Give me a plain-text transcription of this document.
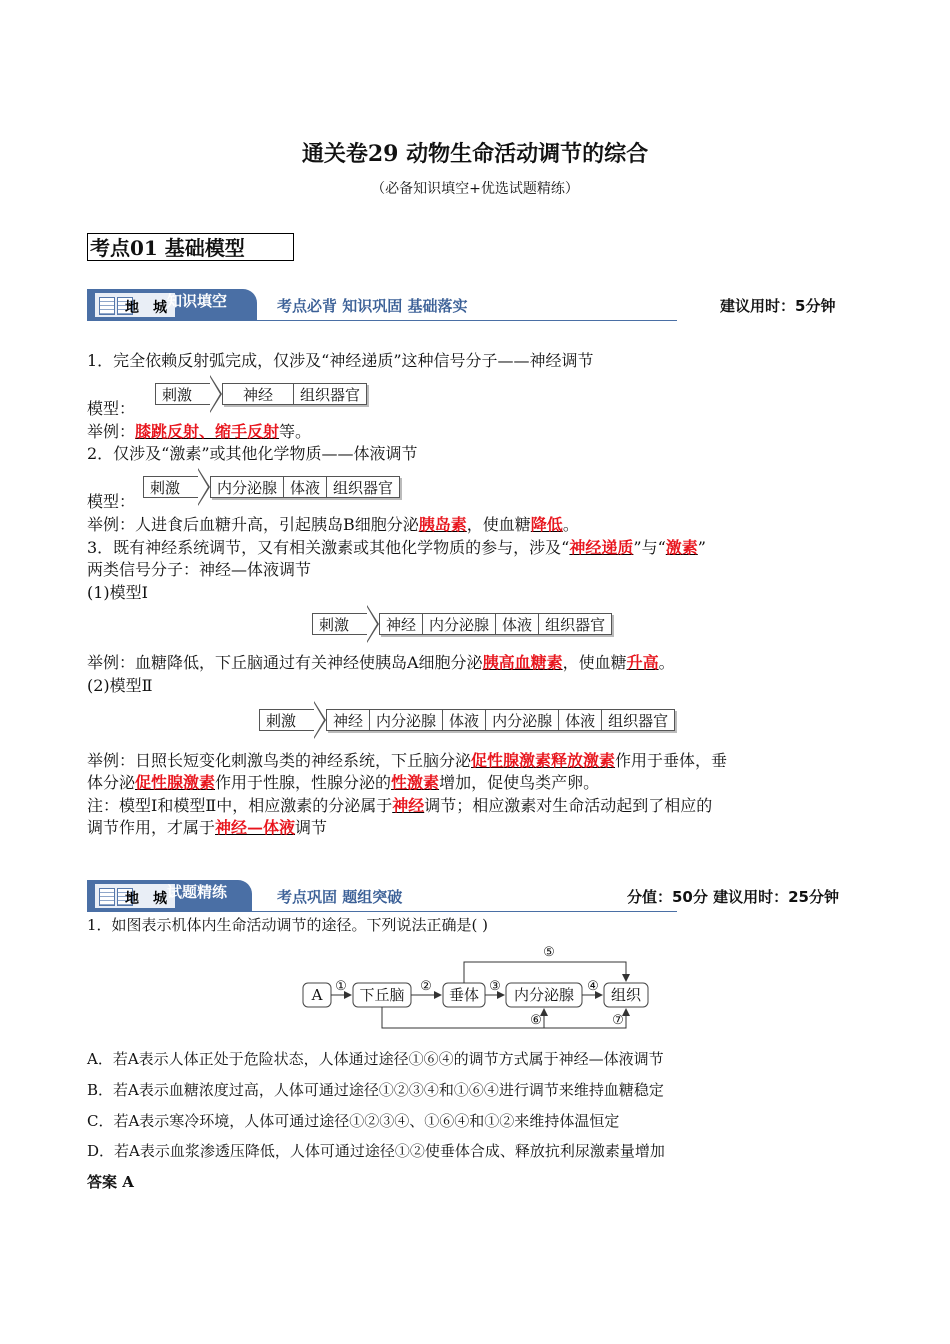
通关卷29 动物生命活动调节的综合
（必备知识填空+优选试题精练）
考点01 基础模型
地城
知识填空	考点必背 知识巩固 基础落实	建议用时：5分钟
1．完全依赖反射弧完成，仅涉及“神经递质”这种信号分子——神经调节
模型：
刺激	神经	组织器官
举例：膝跳反射、缩手反射等。
2．仅涉及“激素”或其他化学物质——体液调节
模型：
刺激	内分泌腺 体液 组织器官
举例：人进食后血糖升高，引起胰岛B细胞分泌胰岛素，使血糖降低。
3．既有神经系统调节，又有相关激素或其他化学物质的参与，涉及“神经递质”与“激素”
两类信号分子：神经—体液调节
(1)模型Ⅰ
刺激	神经 内分泌腺 体液 组织器官
举例：血糖降低，下丘脑通过有关神经使胰岛A细胞分泌胰高血糖素，使血糖升高。
(2)模型Ⅱ
刺激	神经 内分泌腺 体液 内分泌腺 体液 组织器官
举例：日照长短变化刺激鸟类的神经系统，下丘脑分泌促性腺激素释放激素作用于垂体，垂
体分泌促性腺激素作用于性腺，性腺分泌的性激素增加，促使鸟类产卵。
注：模型Ⅰ和模型Ⅱ中，相应激素的分泌属于神经调节；相应激素对生命活动起到了相应的
调节作用，才属于神经—体液调节
地城
试题精练	考点巩固 题组突破	分值：50分 建议用时：25分钟
1．如图表示机体内生命活动调节的途径。下列说法正确是( )
A 下丘脑	垂体 内分泌腺 组织
①	②	③	④
⑤
⑥	⑦
A．若A表示人体正处于危险状态，人体通过途径①⑥④的调节方式属于神经—体液调节
B．若A表示血糖浓度过高，人体可通过途径①②③④和①⑥④进行调节来维持血糖稳定
C．若A表示寒冷环境，人体可通过途径①②③④、①⑥④和①②来维持体温恒定
D．若A表示血浆渗透压降低，人体可通过途径①②使垂体合成、释放抗利尿激素量增加
答案 A
